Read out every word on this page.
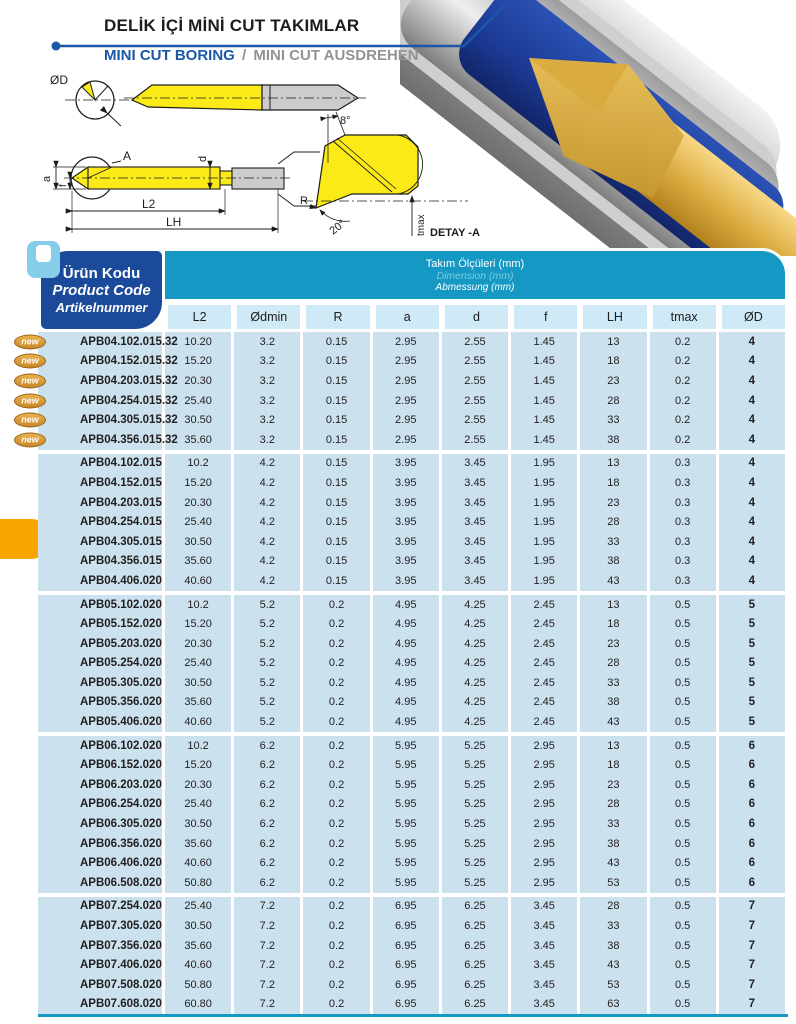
DELİK İÇİ MİNİ CUT TAKIMLAR
MINI CUT BORING / MINI CUT AUSDREHEN
ØD
A
a
f
d
L2
LH
8°
R
20°	tmax DETAY -A
Ürün Kodu
Product Code
Artikelnummer

Takım Ölçüleri (mm)
Dimension (mm)
Abmessung (mm)

	L2	Ødmin	R	a	d	f	LH	tmax	ØD

new APB04.102.015.32	10.20	3.2	0.15	2.95	2.55	1.45	13	0.2	4

new APB04.152.015.32	15.20	3.2	0.15	2.95	2.55	1.45	18	0.2	4

new APB04.203.015.32	20.30	3.2	0.15	2.95	2.55	1.45	23	0.2	4

new APB04.254.015.32	25.40	3.2	0.15	2.95	2.55	1.45	28	0.2	4

new APB04.305.015.32	30.50	3.2	0.15	2.95	2.55	1.45	33	0.2	4

new APB04.356.015.32	35.60	3.2	0.15	2.95	2.55	1.45	38	0.2	4
APB04.102.015	10.2	4.2	0.15	3.95	3.45	1.95	13	0.3	4
APB04.152.015	15.20	4.2	0.15	3.95	3.45	1.95	18	0.3	4
APB04.203.015	20.30	4.2	0.15	3.95	3.45	1.95	23	0.3	4
APB04.254.015	25.40	4.2	0.15	3.95	3.45	1.95	28	0.3	4
APB04.305.015	30.50	4.2	0.15	3.95	3.45	1.95	33	0.3	4
APB04.356.015	35.60	4.2	0.15	3.95	3.45	1.95	38	0.3	4
APB04.406.020	40.60	4.2	0.15	3.95	3.45	1.95	43	0.3	4
APB05.102.020	10.2	5.2	0.2	4.95	4.25	2.45	13	0.5	5
APB05.152.020	15.20	5.2	0.2	4.95	4.25	2.45	18	0.5	5
APB05.203.020	20.30	5.2	0.2	4.95	4.25	2.45	23	0.5	5
APB05.254.020	25.40	5.2	0.2	4.95	4.25	2.45	28	0.5	5
APB05.305.020	30.50	5.2	0.2	4.95	4.25	2.45	33	0.5	5
APB05.356.020	35.60	5.2	0.2	4.95	4.25	2.45	38	0.5	5
APB05.406.020	40.60	5.2	0.2	4.95	4.25	2.45	43	0.5	5
APB06.102.020	10.2	6.2	0.2	5.95	5.25	2.95	13	0.5	6
APB06.152.020	15.20	6.2	0.2	5.95	5.25	2.95	18	0.5	6
APB06.203.020	20.30	6.2	0.2	5.95	5.25	2.95	23	0.5	6
APB06.254.020	25.40	6.2	0.2	5.95	5.25	2.95	28	0.5	6
APB06.305.020	30.50	6.2	0.2	5.95	5.25	2.95	33	0.5	6
APB06.356.020	35.60	6.2	0.2	5.95	5.25	2.95	38	0.5	6
APB06.406.020	40.60	6.2	0.2	5.95	5.25	2.95	43	0.5	6
APB06.508.020	50.80	6.2	0.2	5.95	5.25	2.95	53	0.5	6
APB07.254.020	25.40	7.2	0.2	6.95	6.25	3.45	28	0.5	7
APB07.305.020	30.50	7.2	0.2	6.95	6.25	3.45	33	0.5	7
APB07.356.020	35.60	7.2	0.2	6.95	6.25	3.45	38	0.5	7
APB07.406.020	40.60	7.2	0.2	6.95	6.25	3.45	43	0.5	7
APB07.508.020	50.80	7.2	0.2	6.95	6.25	3.45	53	0.5	7
APB07.608.020	60.80	7.2	0.2	6.95	6.25	3.45	63	0.5	7
